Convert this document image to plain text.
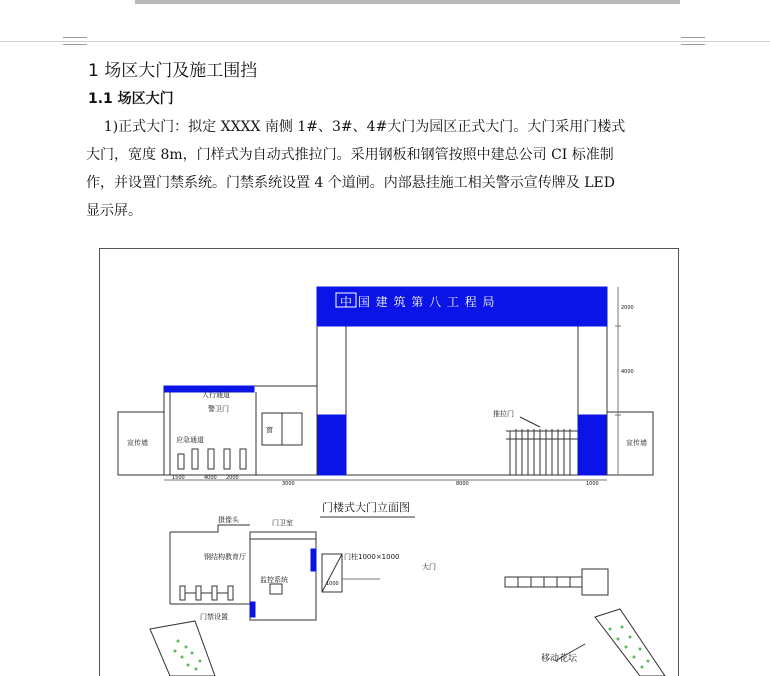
1 场区大门及施工围挡
1.1 场区大门
1)正式大门：拟定 XXXX 南侧 1#、3#、4#大门为园区正式大门。大门采用门楼式
大门，宽度 8m，门样式为自动式推拉门。采用钢板和钢管按照中建总公司 CI 标准制
作，并设置门禁系统。门禁系统设置 4 个道闸。内部悬挂施工相关警示宣传牌及 LED
显示屏。
中 国 建 筑 第 八 工 程 局
宣传墙	宣传墙
人行通道
警卫门
应急通道
窗
推拉门
门楼式大门立面图
摄像头	门卫室
钢结构教育厅
监控系统
门禁设置
门柱1000×1000
大门
移动花坛
1500	4000 2000
3000	8000	1000
2000
4000
1000
